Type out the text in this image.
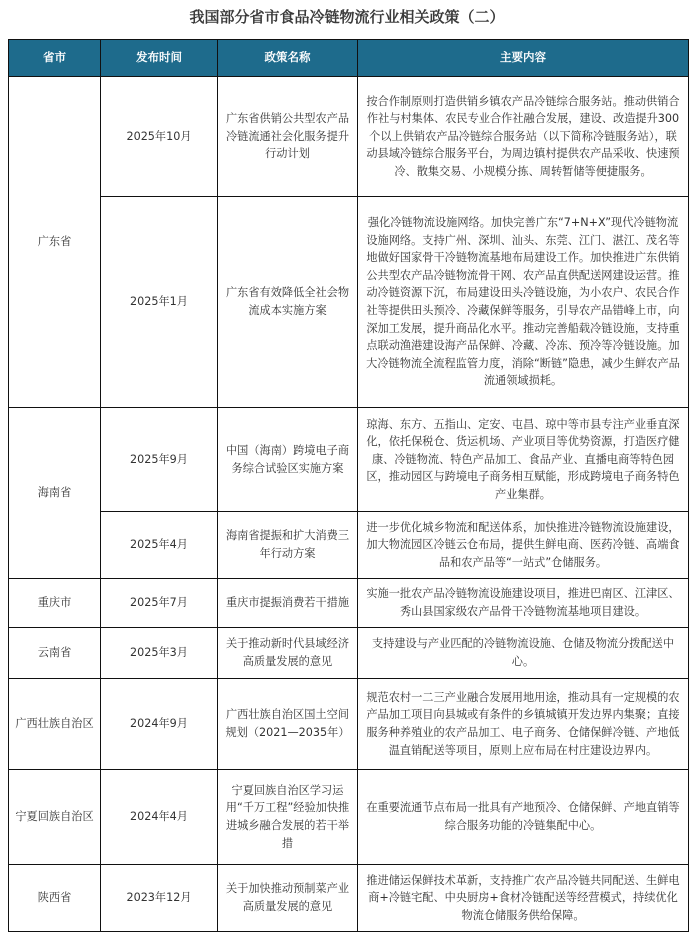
我国部分省市食品冷链物流行业相关政策（二）
省市	发布时间	政策名称	主要内容
广东省	2025年10月	广东省供销公共型农产品冷链流通社会化服务提升行动计划	按合作制原则打造供销乡镇农产品冷链综合服务站。推动供销合作社与村集体、农民专业合作社融合发展，建设、改造提升300个以上供销农产品冷链综合服务站（以下简称冷链服务站），联动县域冷链综合服务平台，为周边镇村提供农产品采收、快速预冷、散集交易、小规模分拣、周转暂储等便捷服务。
	2025年1月	广东省有效降低全社会物流成本实施方案	强化冷链物流设施网络。加快完善广东“7+N+X”现代冷链物流设施网络。支持广州、深圳、汕头、东莞、江门、湛江、茂名等地做好国家骨干冷链物流基地布局建设工作。加快推进广东供销公共型农产品冷链物流骨干网、农产品直供配送网建设运营。推动冷链资源下沉，布局建设田头冷链设施，为小农户、农民合作社等提供田头预冷、冷藏保鲜等服务，引导农产品错峰上市，向深加工发展，提升商品化水平。推动完善船载冷链设施，支持重点联动渔港建设海产品保鲜、冷藏、冷冻、预冷等冷链设施。加大冷链物流全流程监管力度，消除“断链”隐患，减少生鲜农产品流通领域损耗。
海南省	2025年9月	中国（海南）跨境电子商务综合试验区实施方案	琼海、东方、五指山、定安、屯昌、琼中等市县专注产业垂直深化，依托保税仓、货运机场、产业项目等优势资源，打造医疗健康、冷链物流、特色产品加工、食品产业、直播电商等特色园区，推动园区与跨境电子商务相互赋能，形成跨境电子商务特色产业集群。
	2025年4月	海南省提振和扩大消费三年行动方案	进一步优化城乡物流和配送体系，加快推进冷链物流设施建设，加大物流园区冷链云仓布局，提供生鲜电商、医药冷链、高端食品和农产品等“一站式”仓储服务。
重庆市	2025年7月	重庆市提振消费若干措施	实施一批农产品冷链物流设施建设项目，推进巴南区、江津区、秀山县国家级农产品骨干冷链物流基地项目建设。
云南省	2025年3月	关于推动新时代县域经济高质量发展的意见	支持建设与产业匹配的冷链物流设施、仓储及物流分拨配送中心。
广西壮族自治区	2024年9月	广西壮族自治区国土空间规划（2021—2035年）	规范农村一二三产业融合发展用地用途，推动具有一定规模的农产品加工项目向县城或有条件的乡镇城镇开发边界内集聚；直接服务种养殖业的农产品加工、电子商务、仓储保鲜冷链、产地低温直销配送等项目，原则上应布局在村庄建设边界内。
宁夏回族自治区	2024年4月	宁夏回族自治区学习运用“千万工程”经验加快推进城乡融合发展的若干举措	在重要流通节点布局一批具有产地预冷、仓储保鲜、产地直销等综合服务功能的冷链集配中心。
陕西省	2023年12月	关于加快推动预制菜产业高质量发展的意见	推进储运保鲜技术革新，支持推广农产品冷链共同配送、生鲜电商+冷链宅配、中央厨房+食材冷链配送等经营模式，持续优化物流仓储服务供给保障。
